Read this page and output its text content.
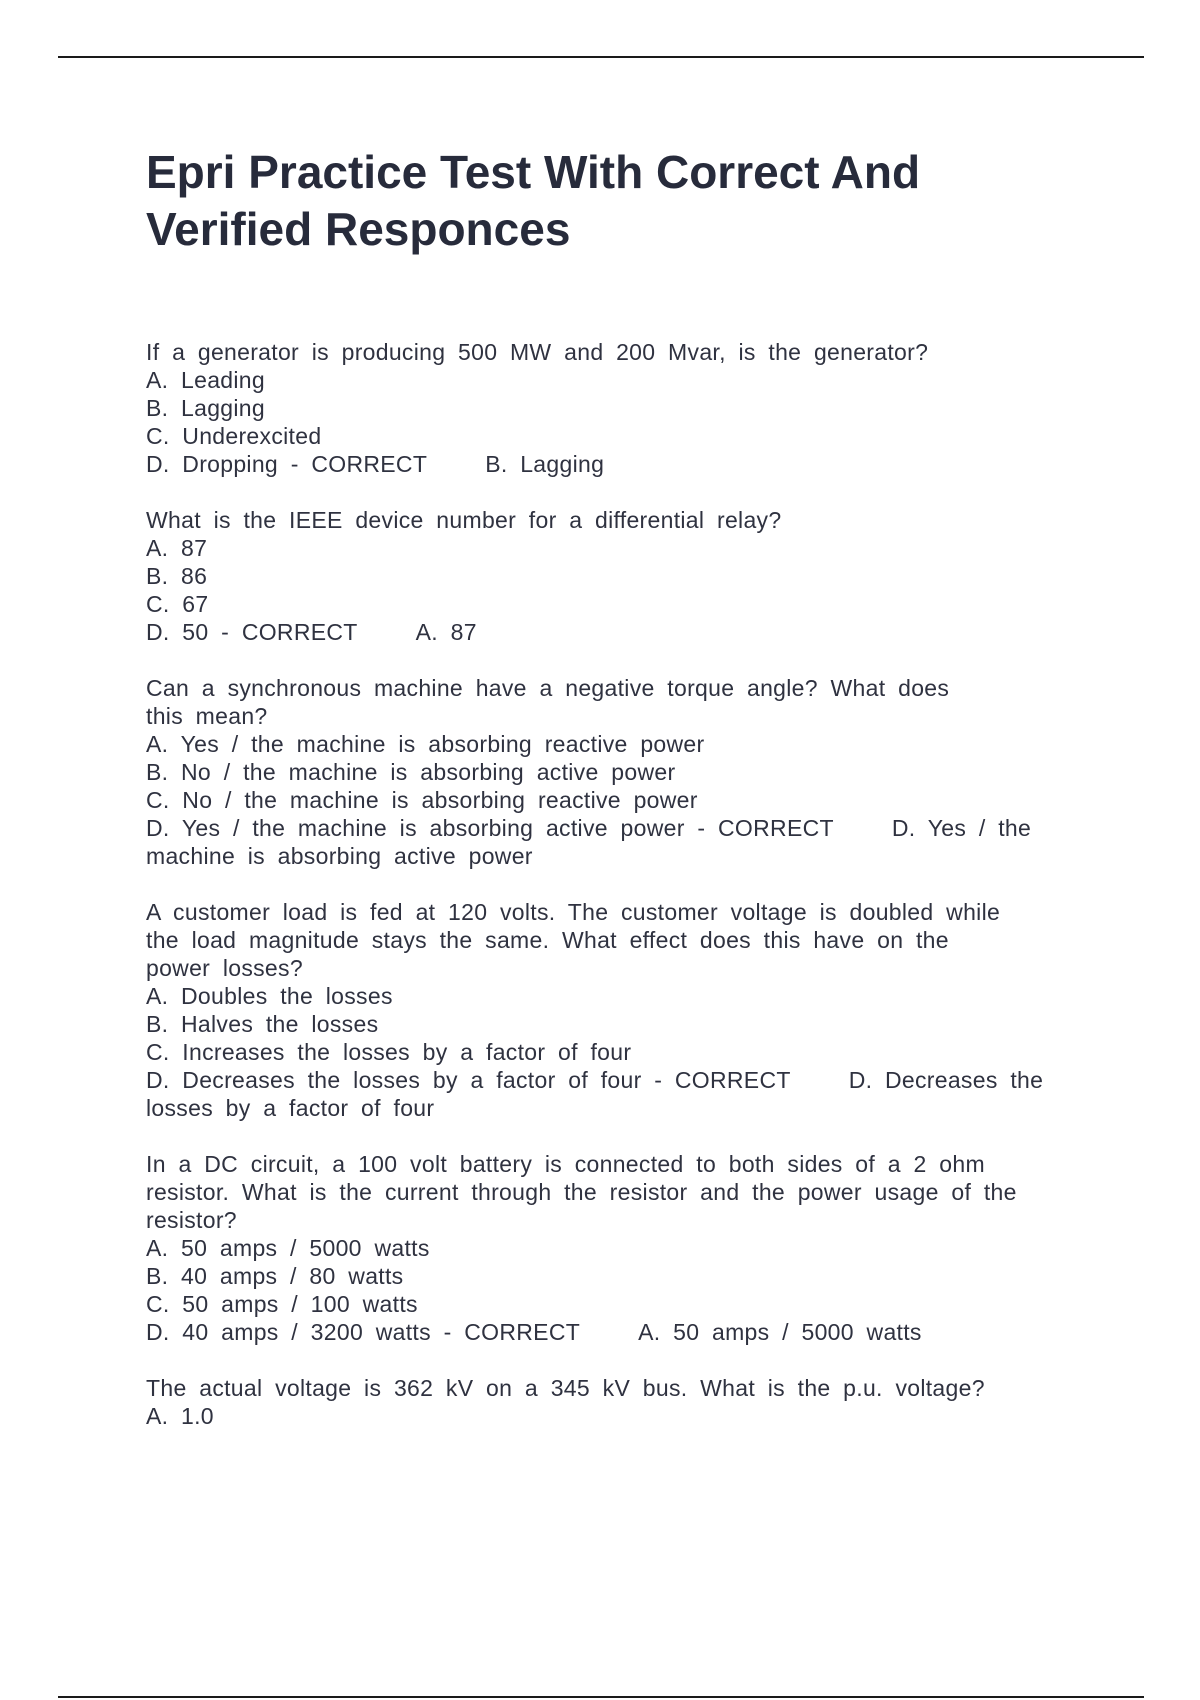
Epri Practice Test With Correct And Verified Responces
If a generator is producing 500 MW and 200 Mvar, is the generator?
A. Leading
B. Lagging
C. Underexcited
D. Dropping - CORRECT	B. Lagging
What is the IEEE device number for a differential relay?
A. 87
B. 86
C. 67
D. 50 - CORRECT	A. 87
Can a synchronous machine have a negative torque angle? What does this mean?
A. Yes / the machine is absorbing reactive power
B. No / the machine is absorbing active power
C. No / the machine is absorbing reactive power
D. Yes / the machine is absorbing active power - CORRECT	D. Yes / the machine is absorbing active power
A customer load is fed at 120 volts. The customer voltage is doubled while the load magnitude stays the same. What effect does this have on the power losses?
A. Doubles the losses
B. Halves the losses
C. Increases the losses by a factor of four
D. Decreases the losses by a factor of four - CORRECT	D. Decreases the losses by a factor of four
In a DC circuit, a 100 volt battery is connected to both sides of a 2 ohm resistor. What is the current through the resistor and the power usage of the resistor?
A. 50 amps / 5000 watts
B. 40 amps / 80 watts
C. 50 amps / 100 watts
D. 40 amps / 3200 watts - CORRECT	A. 50 amps / 5000 watts
The actual voltage is 362 kV on a 345 kV bus. What is the p.u. voltage?
A. 1.0
